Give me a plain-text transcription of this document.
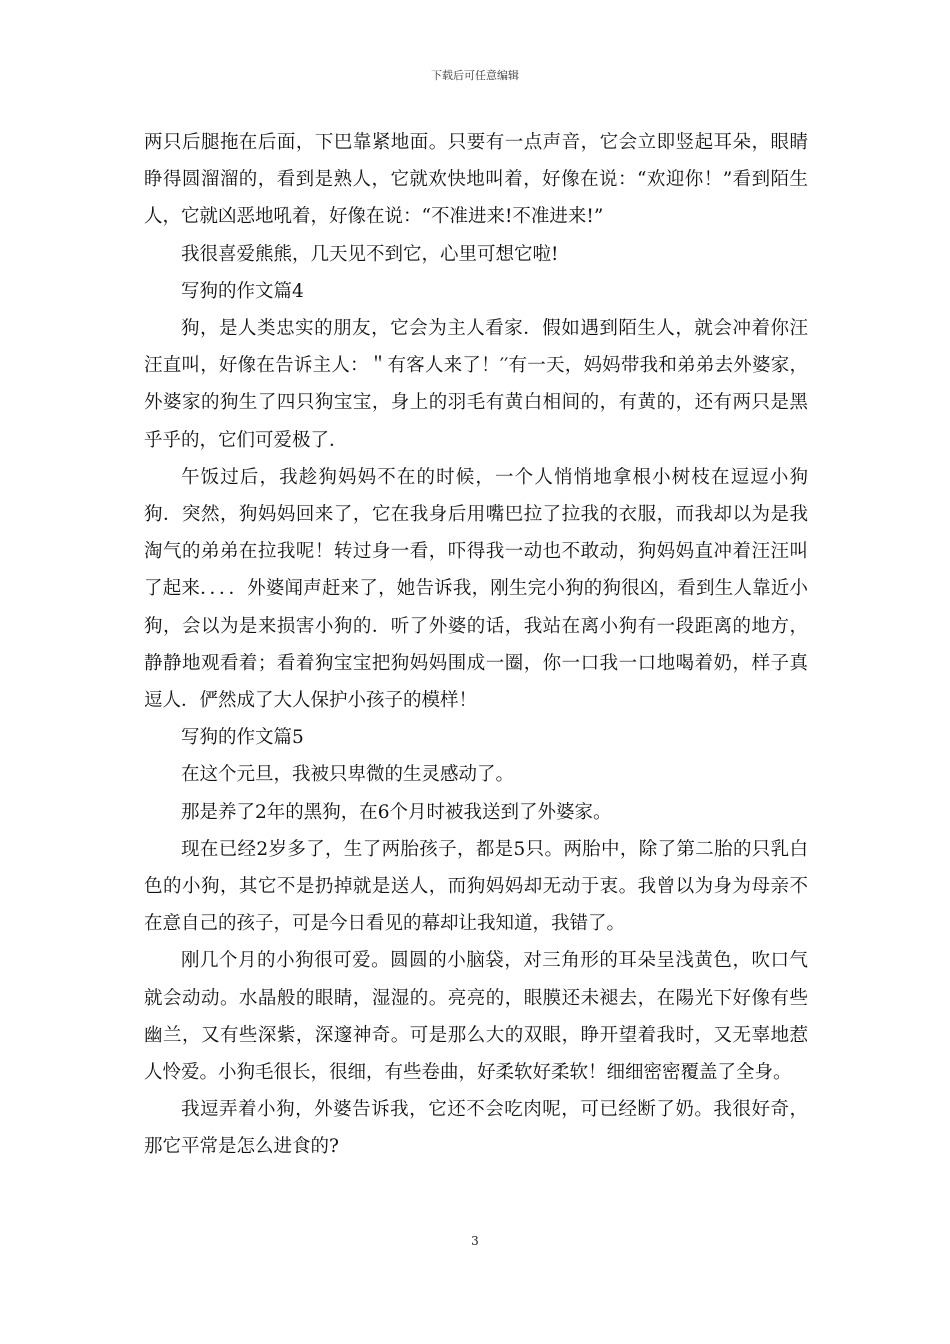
下载后可任意编辑

两只后腿拖在后面，下巴靠紧地面。只要有一点声音，它会立即竖起耳朵，眼睛睁得圆溜溜的，看到是熟人，它就欢快地叫着，好像在说：“欢迎你！”看到陌生人，它就凶恶地吼着，好像在说：“不准进来!不准进来!”

我很喜爱熊熊，几天见不到它，心里可想它啦!

写狗的作文篇4

狗，是人类忠实的朋友，它会为主人看家．假如遇到陌生人，就会冲着你汪汪直叫，好像在告诉主人：＂有客人来了！′′有一天，妈妈带我和弟弟去外婆家，外婆家的狗生了四只狗宝宝，身上的羽毛有黄白相间的，有黄的，还有两只是黑乎乎的，它们可爱极了．

午饭过后，我趁狗妈妈不在的时候，一个人悄悄地拿根小树枝在逗逗小狗狗．突然，狗妈妈回来了，它在我身后用嘴巴拉了拉我的衣服，而我却以为是我淘气的弟弟在拉我呢！转过身一看，吓得我一动也不敢动，狗妈妈直冲着汪汪叫了起来．．．．外婆闻声赶来了，她告诉我，刚生完小狗的狗很凶，看到生人靠近小狗，会以为是来损害小狗的．听了外婆的话，我站在离小狗有一段距离的地方，静静地观看着；看着狗宝宝把狗妈妈围成一圈，你一口我一口地喝着奶，样子真逗人．俨然成了大人保护小孩子的模样！

写狗的作文篇5

在这个元旦，我被只卑微的生灵感动了。

那是养了2年的黑狗，在6个月时被我送到了外婆家。

现在已经2岁多了，生了两胎孩子，都是5只。两胎中，除了第二胎的只乳白色的小狗，其它不是扔掉就是送人，而狗妈妈却无动于衷。我曾以为身为母亲不在意自己的孩子，可是今日看见的幕却让我知道，我错了。

刚几个月的小狗很可爱。圆圆的小脑袋，对三角形的耳朵呈浅黄色，吹口气就会动动。水晶般的眼睛，湿湿的。亮亮的，眼膜还未褪去，在陽光下好像有些幽兰，又有些深紫，深邃神奇。可是那么大的双眼，睁开望着我时，又无辜地惹人怜爱。小狗毛很长，很细，有些卷曲，好柔软好柔软！细细密密覆盖了全身。

我逗弄着小狗，外婆告诉我，它还不会吃肉呢，可已经断了奶。我很好奇，那它平常是怎么进食的?

3
